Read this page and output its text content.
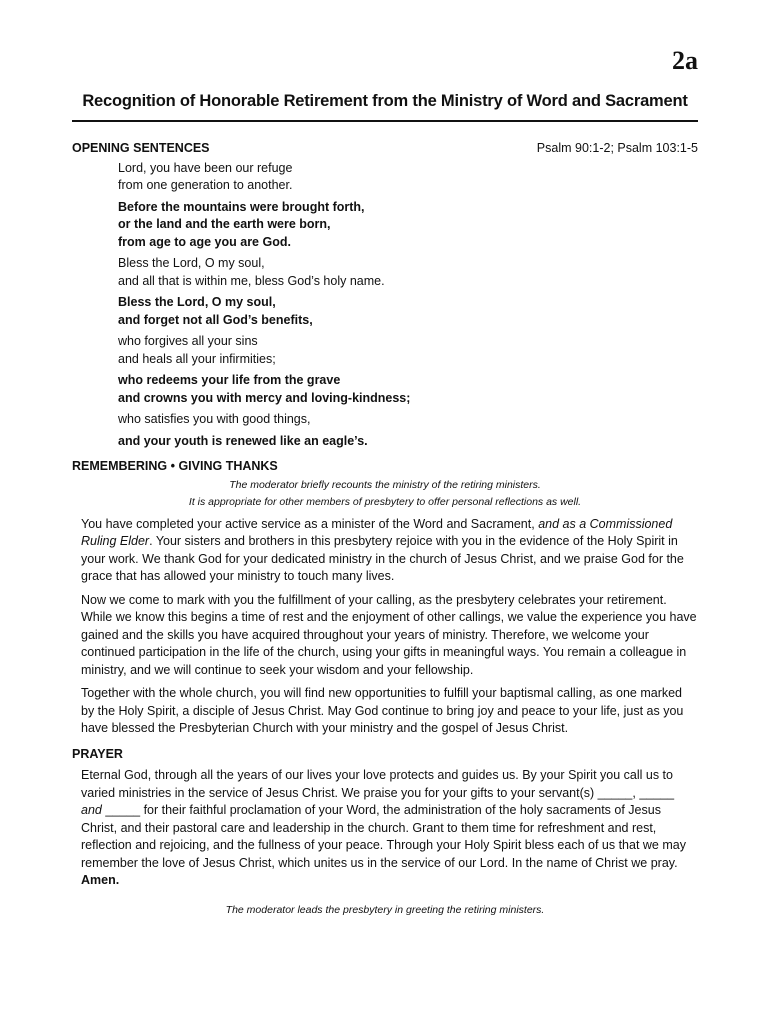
2a
Recognition of Honorable Retirement from the Ministry of Word and Sacrament
OPENING SENTENCES	Psalm 90:1-2; Psalm 103:1-5
Lord, you have been our refuge
from one generation to another.
Before the mountains were brought forth,
or the land and the earth were born,
from age to age you are God.
Bless the Lord, O my soul,
and all that is within me, bless God’s holy name.
Bless the Lord, O my soul,
and forget not all God’s benefits,
who forgives all your sins
and heals all your infirmities;
who redeems your life from the grave
and crowns you with mercy and loving-kindness;
who satisfies you with good things,
and your youth is renewed like an eagle’s.
REMEMBERING • GIVING THANKS
The moderator briefly recounts the ministry of the retiring ministers.
It is appropriate for other members of presbytery to offer personal reflections as well.
You have completed your active service as a minister of the Word and Sacrament, and as a Commissioned Ruling Elder. Your sisters and brothers in this presbytery rejoice with you in the evidence of the Holy Spirit in your work. We thank God for your dedicated ministry in the church of Jesus Christ, and we praise God for the grace that has allowed your ministry to touch many lives.
Now we come to mark with you the fulfillment of your calling, as the presbytery celebrates your retirement. While we know this begins a time of rest and the enjoyment of other callings, we value the experience you have gained and the skills you have acquired throughout your years of ministry. Therefore, we welcome your continued participation in the life of the church, using your gifts in meaningful ways. You remain a colleague in ministry, and we will continue to seek your wisdom and your fellowship.
Together with the whole church, you will find new opportunities to fulfill your baptismal calling, as one marked by the Holy Spirit, a disciple of Jesus Christ. May God continue to bring joy and peace to your life, just as you have blessed the Presbyterian Church with your ministry and the gospel of Jesus Christ.
PRAYER
Eternal God, through all the years of our lives your love protects and guides us. By your Spirit you call us to varied ministries in the service of Jesus Christ. We praise you for your gifts to your servant(s) _____, _____ and _____ for their faithful proclamation of your Word, the administration of the holy sacraments of Jesus Christ, and their pastoral care and leadership in the church. Grant to them time for refreshment and rest, reflection and rejoicing, and the fullness of your peace. Through your Holy Spirit bless each of us that we may remember the love of Jesus Christ, which unites us in the service of our Lord. In the name of Christ we pray.
Amen.
The moderator leads the presbytery in greeting the retiring ministers.
